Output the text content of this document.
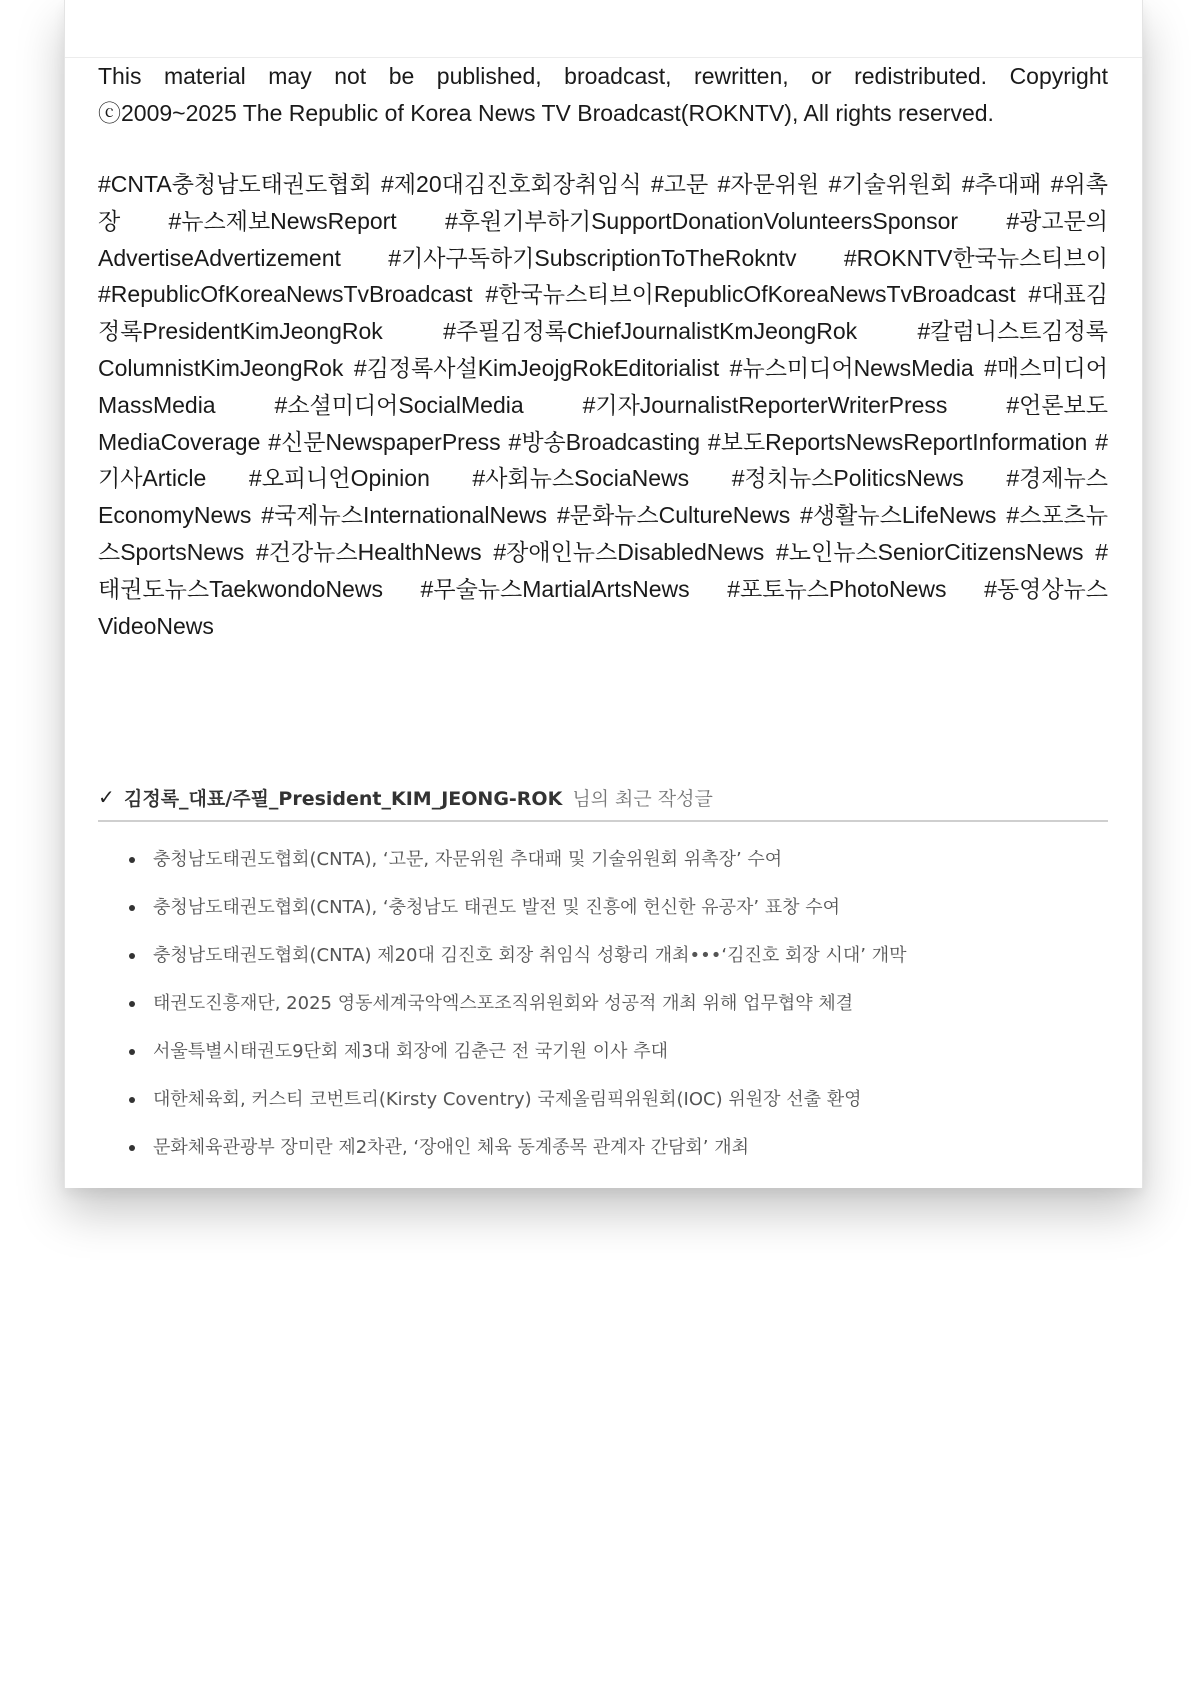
This material may not be published, broadcast, rewritten, or redistributed. Copyright
ⓒ2009~2025 The Republic of Korea News TV Broadcast(ROKNTV), All rights reserved.

#CNTA충청남도태권도협회 #제20대김진호회장취임식 #고문 #자문위원 #기술위원회 #추대패 #위촉장 #뉴스제보NewsReport #후원기부하기SupportDonationVolunteersSponsor #광고문의AdvertiseAdvertizement #기사구독하기SubscriptionToTheRokntv #ROKNTV한국뉴스티브이 #RepublicOfKoreaNewsTvBroadcast #한국뉴스티브이RepublicOfKoreaNewsTvBroadcast #대표김정록PresidentKimJeongRok #주필김정록ChiefJournalistKmJeongRok #칼럼니스트김정록ColumnistKimJeongRok #김정록사설KimJeojgRokEditorialist #뉴스미디어NewsMedia #매스미디어MassMedia #소셜미디어SocialMedia #기자JournalistReporterWriterPress #언론보도MediaCoverage #신문NewspaperPress #방송Broadcasting #보도ReportsNewsReportInformation #기사Article #오피니언Opinion #사회뉴스SociaNews #정치뉴스PoliticsNews #경제뉴스EconomyNews #국제뉴스InternationalNews #문화뉴스CultureNews #생활뉴스LifeNews #스포츠뉴스SportsNews #건강뉴스HealthNews #장애인뉴스DisabledNews #노인뉴스SeniorCitizensNews #태권도뉴스TaekwondoNews #무술뉴스MartialArtsNews #포토뉴스PhotoNews #동영상뉴스VideoNews

✓ 김정록_대표/주필_President_KIM_JEONG-ROK 님의 최근 작성글
충청남도태권도협회(CNTA), ‘고문, 자문위원 추대패 및 기술위원회 위촉장’ 수여
충청남도태권도협회(CNTA), ‘충청남도 태권도 발전 및 진흥에 헌신한 유공자’ 표창 수여
충청남도태권도협회(CNTA) 제20대 김진호 회장 취임식 성황리 개최•••‘김진호 회장 시대’ 개막
태권도진흥재단, 2025 영동세계국악엑스포조직위원회와 성공적 개최 위해 업무협약 체결
서울특별시태권도9단회 제3대 회장에 김춘근 전 국기원 이사 추대
대한체육회, 커스티 코번트리(Kirsty Coventry) 국제올림픽위원회(IOC) 위원장 선출 환영
문화체육관광부 장미란 제2차관, ‘장애인 체육 동계종목 관계자 간담회’ 개최
